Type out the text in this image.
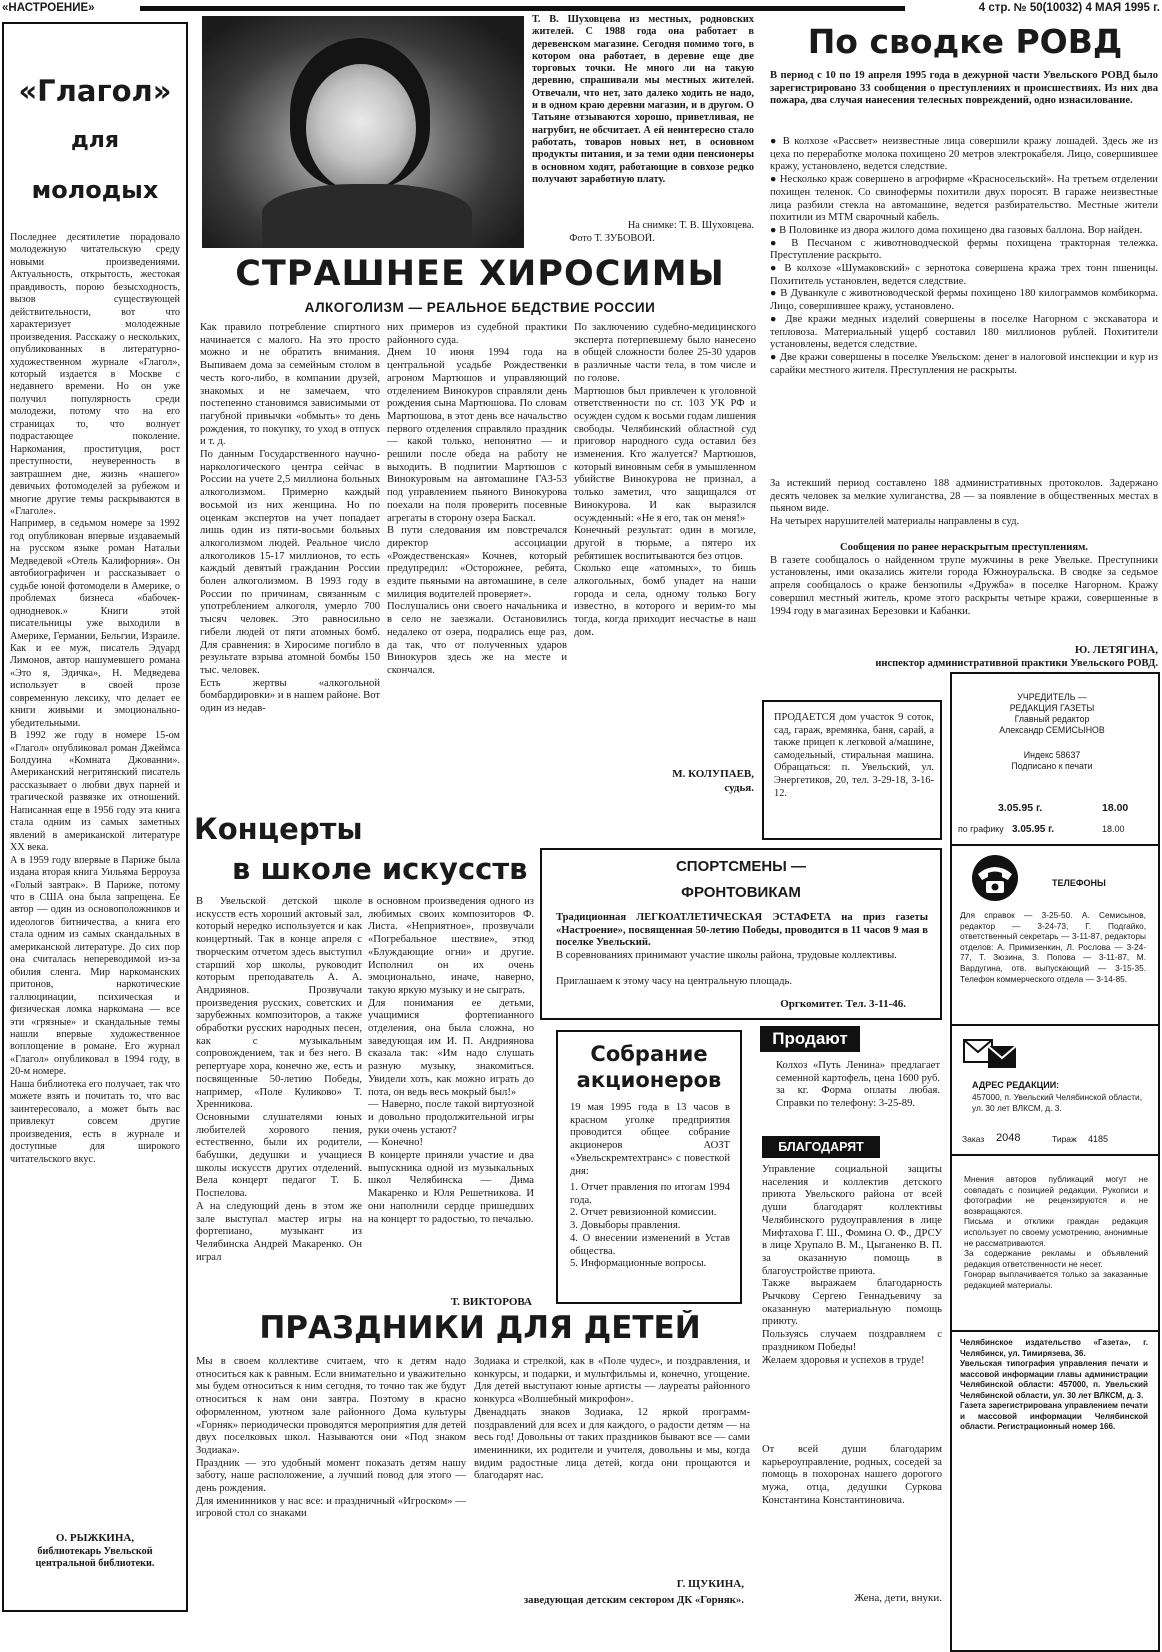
«НАСТРОЕНИЕ»	4 стр. № 50(10032) 4 МАЯ 1995 г.
«Глагол»
для
молодых

Последнее десятилетие порадовало молодежную читательскую среду новыми произведениями. Актуальность, открытость, жестокая правдивость, порою безысходность, вызов существующей действительности, вот что характеризует молодежные произведения. Расскажу о нескольких, опубликованных в литературно-художественном журнале «Глагол», который издается в Москве с недавнего времени. Но он уже получил популярность среди молодежи, потому что на его страницах то, что волнует подрастающее поколение. Наркомания, проституция, рост преступности, неуверенность в завтрашнем дне, жизнь «нашего» девичьих фотомоделей за рубежом и многие другие темы раскрываются в «Глаголе».
Например, в седьмом номере за 1992 год опубликован впервые издаваемый на русском языке роман Натальи Медведевой «Отель Калифорния». Он автобиографичен и рассказывает о судьбе юной фотомодели в Америке, о проблемах бизнеса «бабочек-однодневок.» Книги этой писательницы уже выходили в Америке, Германии, Бельгии, Израиле. Как и ее муж, писатель Эдуард Лимонов, автор нашумевшего романа «Это я, Эдичка», Н. Медведева использует в своей прозе современную лексику, что делает ее книги живыми и эмоционально-убедительными.
В 1992 же году в номере 15-ом «Глагол» опубликовал роман Джеймса Болдуина «Комната Джованни». Американский негритянский писатель рассказывает о любви двух парней и трагической развязке их отношений. Написанная еще в 1956 году эта книга стала одним из самых заметных явлений в американской литературе XX века.
А в 1959 году впервые в Париже была издана вторая книга Уильяма Берроуза «Голый завтрак». В Париже, потому что в США она была запрещена. Ее автор — один из основоположников и идеологов битничества, а книга его стала одним из самых скандальных в американской литературе. До сих пор она считалась непереводимой из-за обилия сленга. Мир наркоманских притонов, наркотические галлюцинации, психическая и физическая ломка наркомана — все эти «грязные» и скандальные темы нашли впервые художественное воплощение в романе. Его журнал «Глагол» опубликовал в 1994 году, в 20-м номере.
Наша библиотека его получает, так что можете взять и почитать то, что вас заинтересовало, а может быть вас привлекут совсем другие произведения, есть в журнале и доступные для широкого читательского вкус.

О. РЫЖКИНА,
библиотекарь Увельской центральной библиотеки.

Т. В. Шуховцева из местных, родновских жителей. С 1988 года она работает в деревенском магазине. Сегодня помимо того, в котором она работает, в деревне еще две торговых точки. Не много ли на такую деревню, спрашивали мы местных жителей. Отвечали, что нет, зато далеко ходить не надо, и в одном краю деревни магазин, и в другом. О Татьяне отзываются хорошо, приветливая, не нагрубит, не обсчитает. А ей неинтересно стало работать, товаров новых нет, в основном продукты питания, и за теми одни пенсионеры в основном ходят, работающие в совхозе редко получают заработную плату.

На снимке: Т. В. Шуховцева.
Фото Т. ЗУБОВОЙ.
СТРАШНЕЕ ХИРОСИМЫ
АЛКОГОЛИЗМ — РЕАЛЬНОЕ БЕДСТВИЕ РОССИИ

Как правило потребление спиртного начинается с малого. На это просто можно и не обратить внимания. Выпиваем дома за семейным столом в честь кого-либо, в компании друзей, знакомых и не замечаем, что постепенно становимся зависимыми от пагубной привычки «обмыть» то день рождения, то покупку, то уход в отпуск и т. д.
По данным Государственного научно-наркологического центра сейчас в России на учете 2,5 миллиона больных алкоголизмом. Примерно каждый восьмой из них женщина. Но по оценкам экспертов на учет попадает лишь один из пяти-восьми больных алкоголизмом людей. Реальное число алкоголиков 15-17 миллионов, то есть каждый девятый гражданин России болен алкоголизмом. В 1993 году в России по причинам, связанным с употреблением алкоголя, умерло 700 тысяч человек. Это равносильно гибели людей от пяти атомных бомб. Для сравнения: в Хиросиме погибло в результате взрыва атомной бомбы 150 тыс. человек.
Есть жертвы «алкогольной бомбардировки» и в нашем районе. Вот один из недав-

них примеров из судебной практики районного суда.
Днем 10 июня 1994 года на центральной усадьбе Рождественки агроном Мартюшов и управляющий отделением Винокуров справляли день рождения сына Мартюшова. По словам Мартюшова, в этот день все начальство первого отделения справляло праздник — какой только, непонятно — и решили после обеда на работу не выходить. В подпитии Мартюшов с Винокуровым на автомашине ГАЗ-53 под управлением пьяного Винокурова поехали на поля проверить посевные агрегаты в сторону озера Баскал.
В пути следования им повстречался директор ассоциации «Рождественская» Кочнев, который предупредил: «Осторожнее, ребята, ездите пьяными на автомашине, в селе милиция водителей проверяет».
Послушались они своего начальника и в село не заезжали. Остановились недалеко от озера, подрались еще раз, да так, что от полученных ударов Винокуров здесь же на месте и скончался.

По заключению судебно-медицинского эксперта потерпевшему было нанесено в общей сложности более 25-30 ударов в различные части тела, в том числе и по голове.
Мартюшов был привлечен к уголовной ответственности по ст. 103 УК РФ и осужден судом к восьми годам лишения свободы. Челябинский областной суд приговор народного суда оставил без изменения. Кто жалуется? Мартюшов, который виновным себя в умышленном убийстве Винокурова не признал, а только заметил, что защищался от Винокурова. И как выразился осужденный: «Не я его, так он меня!»
Конечный результат: один в могиле, другой в тюрьме, а пятеро их ребятишек воспитываются без отцов.
Сколько еще «атомных», то бишь алкогольных, бомб упадет на наши города и села, одному только Богу известно, в которого и верим-то мы тогда, когда приходит несчастье в наш дом.

М. КОЛУПАЕВ,
судья.
По сводке РОВД

В период с 10 по 19 апреля 1995 года в дежурной части Увельского РОВД было зарегистрировано 33 сообщения о преступлениях и происшествиях. Из них два пожара, два случая нанесения телесных повреждений, одно изнасилование.

● В колхозе «Рассвет» неизвестные лица совершили кражу лошадей. Здесь же из цеха по переработке молока похищено 20 метров электрокабеля. Лицо, совершившее кражу, установлено, ведется следствие.

● Несколько краж совершено в агрофирме «Красносельский». На третьем отделении похищен теленок. Со свинофермы похитили двух поросят. В гараже неизвестные лица разбили стекла на автомашине, ведется разбирательство. Местные жители похитили из МТМ сварочный кабель.

● В Половинке из двора жилого дома похищено два газовых баллона. Вор найден.

● В Песчаном с животноводческой фермы похищена тракторная тележка. Преступление раскрыто.

● В колхозе «Шумаковский» с зернотока совершена кража трех тонн пшеницы. Похититель установлен, ведется следствие.

● В Дуванкуле с животноводческой фермы похищено 180 килограммов комбикорма. Лицо, совершившее кражу, установлено.

● Две кражи медных изделий совершены в поселке Нагорном с экскаватора и тепловоза. Материальный ущерб составил 180 миллионов рублей. Похитители установлены, ведется следствие.

● Две кражи совершены в поселке Увельском: денег в налоговой инспекции и кур из сарайки местного жителя. Преступления не раскрыты.

За истекший период составлено 188 административных протоколов. Задержано десять человек за мелкие хулиганства, 28 — за появление в общественных местах в пьяном виде.
На четырех нарушителей материалы направлены в суд.

Сообщения по ранее нераскрытым преступлениям.
В газете сообщалось о найденном трупе мужчины в реке Увельке. Преступники установлены, ими оказались жители города Южноуральска. В сводке за седьмое апреля сообщалось о краже бензопилы «Дружба» в поселке Нагорном. Кражу совершил местный житель, кроме этого раскрыты четыре кражи, совершенные в 1994 году в магазинах Березовки и Кабанки.

Ю. ЛЕТЯГИНА,
инспектор административной практики Увельского РОВД.

ПРОДАЕТСЯ дом участок 9 соток, сад, гараж, времянка, баня, сарай, а также прицеп к легковой а/машине, самодельный, стиральная машина. Обращаться: п. Увельский, ул. Энергетиков, 20, тел. 3-29-18, 3-16-12.

УЧРЕДИТЕЛЬ —
РЕДАКЦИЯ ГАЗЕТЫ
Главный редактор
Александр СЕМИСЫНОВ
Индекс 58637
Подписано к печати
3.05.95 г.	18.00
по графику 3.05.95 г.	18.00
ТЕЛЕФОНЫ

Для справок — 3-25-50. А. Семисынов, редактор — 3-24-73, Г. Подгайко, ответственный секретарь — 3-11-87, редакторы отделов: А. Примизенкин, Л. Рослова — 3-24-77, Т. Зюзина, З. Попова — 3-11-87, М. Вардугина, отв. выпускающий — 3-15-35. Телефон коммерческого отдела — 3-14-85.

АДРЕС РЕДАКЦИИ:

457000, п. Увельский Челябинской области, ул. 30 лет ВЛКСМ, д. 3.

Заказ	2048	Тираж	4185

Мнения авторов публикаций могут не совпадать с позицией редакции. Рукописи и фотографии не рецензируются и не возвращаются.
Письма и отклики граждан редакция использует по своему усмотрению, анонимные не рассматриваются.
За содержание рекламы и объявлений редакция ответственности не несет.
Гонорар выплачивается только за заказанные редакцией материалы.

Челябинское издательство «Газета», г. Челябинск, ул. Тимирязева, 36.
Увельская типография управления печати и массовой информации главы администрации Челябинской области: 457000, п. Увельский Челябинской области, ул. 30 лет ВЛКСМ, д. 3.
Газета зарегистрирована управлением печати и массовой информации Челябинской области. Регистрационный номер 166.

СПОРТСМЕНЫ —
ФРОНТОВИКАМ

Традиционная ЛЕГКОАТЛЕТИЧЕСКАЯ ЭСТАФЕТА на приз газеты «Настроение», посвященная 50-летию Победы, проводится в 11 часов 9 мая в поселке Увельский.

В соревнованиях принимают участие школы района, трудовые коллективы.

Приглашаем к этому часу на центральную площадь.

Оргкомитет. Тел. 3-11-46.
Концерты
в школе искусств

В Увельской детской школе искусств есть хороший актовый зал, который нередко используется и как концертный. Так в конце апреля с творческим отчетом здесь выступил старший хор школы, руководит которым преподаватель А. А. Андриянов. Прозвучали произведения русских, советских и зарубежных композиторов, а также обработки русских народных песен, как с музыкальным сопровождением, так и без него. В репертуаре хора, конечно же, есть и посвященные 50-летию Победы, например, «Поле Куликово» Т. Хренникова.
Основными слушателями юных любителей хорового пения, естественно, были их родители, бабушки, дедушки и учащиеся школы искусств других отделений. Вела концерт педагог Т. Б. Поспелова.
А на следующий день в этом же зале выступал мастер игры на фортепиано, музыкант из Челябинска Андрей Макаренко. Он играл

в основном произведения одного из любимых своих композиторов Ф. Листа. «Неприятное», прозвучали «Погребальное шествие», этюд «Блуждающие огни» и другие. Исполнил он их очень эмоционально, иначе, наверно, такую яркую музыку и не сыграть.
Для понимания ее детьми, учащимися фортепианного отделения, она была сложна, но заведующая им И. П. Андриянова сказала так: «Им надо слушать разную музыку, знакомиться. Увидели хоть, как можно играть до пота, он ведь весь мокрый был!»
— Наверно, после такой виртуозной и довольно продолжительной игры руки очень устают?
— Конечно!
В концерте приняли участие и два выпускника одной из музыкальных школ Челябинска — Дима Макаренко и Юля Решетникова. И они наполнили сердце пришедших на концерт то радостью, то печалью.

Т. ВИКТОРОВА
Собрание
акционеров

19 мая 1995 года в 13 часов в красном уголке предприятия проводится общее собрание акционеров АОЗТ «Увельскремтехтранс» с повесткой дня:

1. Отчет правления по итогам 1994 года.

2. Отчет ревизионной комиссии.

3. Довыборы правления.

4. О внесении изменений в Устав общества.

5. Информационные вопросы.

Продают

Колхоз «Путь Ленина» предлагает семенной картофель, цена 1600 руб. за кг. Форма оплаты любая. Справки по телефону: 3-25-89.

БЛАГОДАРЯТ

Управление социальной защиты населения и коллектив детского приюта Увельского района от всей души благодарят коллективы Челябинского рудоуправления в лице Мифтахова Г. Ш., Фомина О. Ф., ДРСУ в лице Хрупало В. М., Цыганенко В. П. за оказанную помощь в благоустройстве приюта.
Также выражаем благодарность Рычкову Сергею Геннадьевичу за оказанную материальную помощь приюту.
Пользуясь случаем поздравляем с праздником Победы!
Желаем здоровья и успехов в труде!

От всей души благодарим карьероуправление, родных, соседей за помощь в похоронах нашего дорогого мужа, отца, дедушки Суркова Константина Константиновича.

Жена, дети, внуки.
ПРАЗДНИКИ ДЛЯ ДЕТЕЙ

Мы в своем коллективе считаем, что к детям надо относиться как к равным. Если внимательно и уважительно мы будем относиться к ним сегодня, то точно так же будут относиться к нам они завтра. Поэтому в красно оформленном, уютном зале районного Дома культуры «Горняк» периодически проводятся мероприятия для детей двух поселковых школ. Называются они «Под знаком Зодиака».
Праздник — это удобный момент показать детям нашу заботу, наше расположение, а лучший повод для этого — день рождения.
Для именинников у нас все: и праздничный «Игроском» — игровой стол со знаками

Зодиака и стрелкой, как в «Поле чудес», и поздравления, и конкурсы, и подарки, и мультфильмы и, конечно, угощение. Для детей выступают юные артисты — лауреаты районного конкурса «Волшебный микрофон».
Двенадцать знаков Зодиака, 12 яркой программ-поздравлений для всех и для каждого, о радости детям — на весь год! Довольны от таких праздников бывают все — сами именинники, их родители и учителя, довольны и мы, когда видим радостные лица детей, когда они прощаются и благодарят нас.

Г. ЩУКИНА,
заведующая детским сектором ДК «Горняк».
